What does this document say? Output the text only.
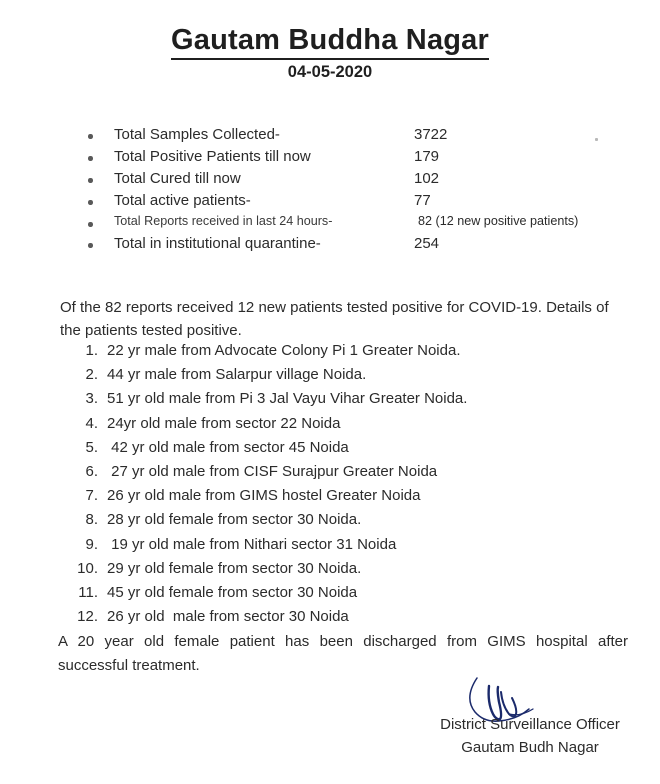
Gautam Buddha Nagar
04-05-2020
Total Samples Collected-	3722
Total Positive Patients till now	179
Total Cured till now	102
Total active patients-	77
Total Reports received in last 24 hours-	82 (12 new positive patients)
Total in institutional quarantine-	254
Of the 82 reports received 12 new patients tested positive for COVID-19. Details of the patients tested positive.
1. 22 yr male from Advocate Colony Pi 1 Greater Noida.
2. 44 yr male from Salarpur village Noida.
3. 51 yr old male from Pi 3 Jal Vayu Vihar Greater Noida.
4. 24yr old male from sector 22 Noida
5. 42 yr old male from sector 45 Noida
6. 27 yr old male from CISF Surajpur Greater Noida
7. 26 yr old male from GIMS hostel Greater Noida
8. 28 yr old female from sector 30 Noida.
9. 19 yr old male from Nithari sector 31 Noida
10. 29 yr old female from sector 30 Noida.
11. 45 yr old female from sector 30 Noida
12. 26 yr old  male from sector 30 Noida
A 20 year old female patient has been discharged from GIMS hospital after
successful treatment.
District Surveillance Officer
Gautam Budh Nagar
